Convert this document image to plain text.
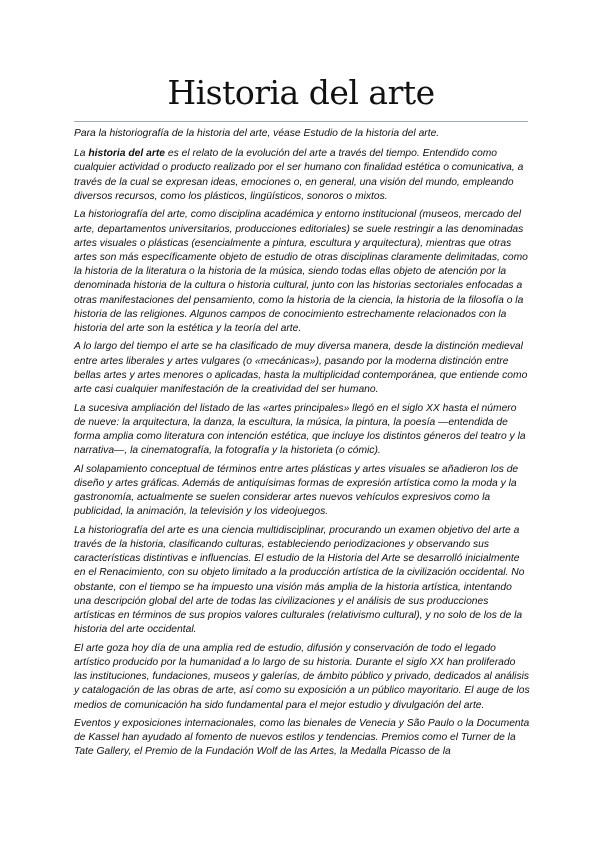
Historia del arte

Para la historiografía de la historia del arte, véase Estudio de la historia del arte.

La historia del arte es el relato de la evolución del arte a través del tiempo. Entendido como cualquier actividad o producto realizado por el ser humano con finalidad estética o comunicativa, a través de la cual se expresan ideas, emociones o, en general, una visión del mundo, empleando diversos recursos, como los plásticos, lingüísticos, sonoros o mixtos.

La historiografía del arte, como disciplina académica y entorno institucional (museos, mercado del arte, departamentos universitarios, producciones editoriales) se suele restringir a las denominadas artes visuales o plásticas (esencialmente a pintura, escultura y arquitectura), mientras que otras artes son más específicamente objeto de estudio de otras disciplinas claramente delimitadas, como la historia de la literatura o la historia de la música, siendo todas ellas objeto de atención por la denominada historia de la cultura o historia cultural, junto con las historias sectoriales enfocadas a otras manifestaciones del pensamiento, como la historia de la ciencia, la historia de la filosofía o la historia de las religiones. Algunos campos de conocimiento estrechamente relacionados con la historia del arte son la estética y la teoría del arte.

A lo largo del tiempo el arte se ha clasificado de muy diversa manera, desde la distinción medieval entre artes liberales y artes vulgares (o «mecánicas»), pasando por la moderna distinción entre bellas artes y artes menores o aplicadas, hasta la multiplicidad contemporánea, que entiende como arte casi cualquier manifestación de la creatividad del ser humano.

La sucesiva ampliación del listado de las «artes principales» llegó en el siglo XX hasta el número de nueve: la arquitectura, la danza, la escultura, la música, la pintura, la poesía —entendida de forma amplia como literatura con intención estética, que incluye los distintos géneros del teatro y la narrativa—, la cinematografía, la fotografía y la historieta (o cómic).

Al solapamiento conceptual de términos entre artes plásticas y artes visuales se añadieron los de diseño y artes gráficas. Además de antiquísimas formas de expresión artística como la moda y la gastronomía, actualmente se suelen considerar artes nuevos vehículos expresivos como la publicidad, la animación, la televisión y los videojuegos.

La historiografía del arte es una ciencia multidisciplinar, procurando un examen objetivo del arte a través de la historia, clasificando culturas, estableciendo periodizaciones y observando sus características distintivas e influencias. El estudio de la Historia del Arte se desarrolló inicialmente en el Renacimiento, con su objeto limitado a la producción artística de la civilización occidental. No obstante, con el tiempo se ha impuesto una visión más amplia de la historia artística, intentando una descripción global del arte de todas las civilizaciones y el análisis de sus producciones artísticas en términos de sus propios valores culturales (relativismo cultural), y no solo de los de la historia del arte occidental.

El arte goza hoy día de una amplia red de estudio, difusión y conservación de todo el legado artístico producido por la humanidad a lo largo de su historia. Durante el siglo XX han proliferado las instituciones, fundaciones, museos y galerías, de ámbito público y privado, dedicados al análisis y catalogación de las obras de arte, así como su exposición a un público mayoritario. El auge de los medios de comunicación ha sido fundamental para el mejor estudio y divulgación del arte.

Eventos y exposiciones internacionales, como las bienales de Venecia y São Paulo o la Documenta de Kassel han ayudado al fomento de nuevos estilos y tendencias. Premios como el Turner de la Tate Gallery, el Premio de la Fundación Wolf de las Artes, la Medalla Picasso de la
